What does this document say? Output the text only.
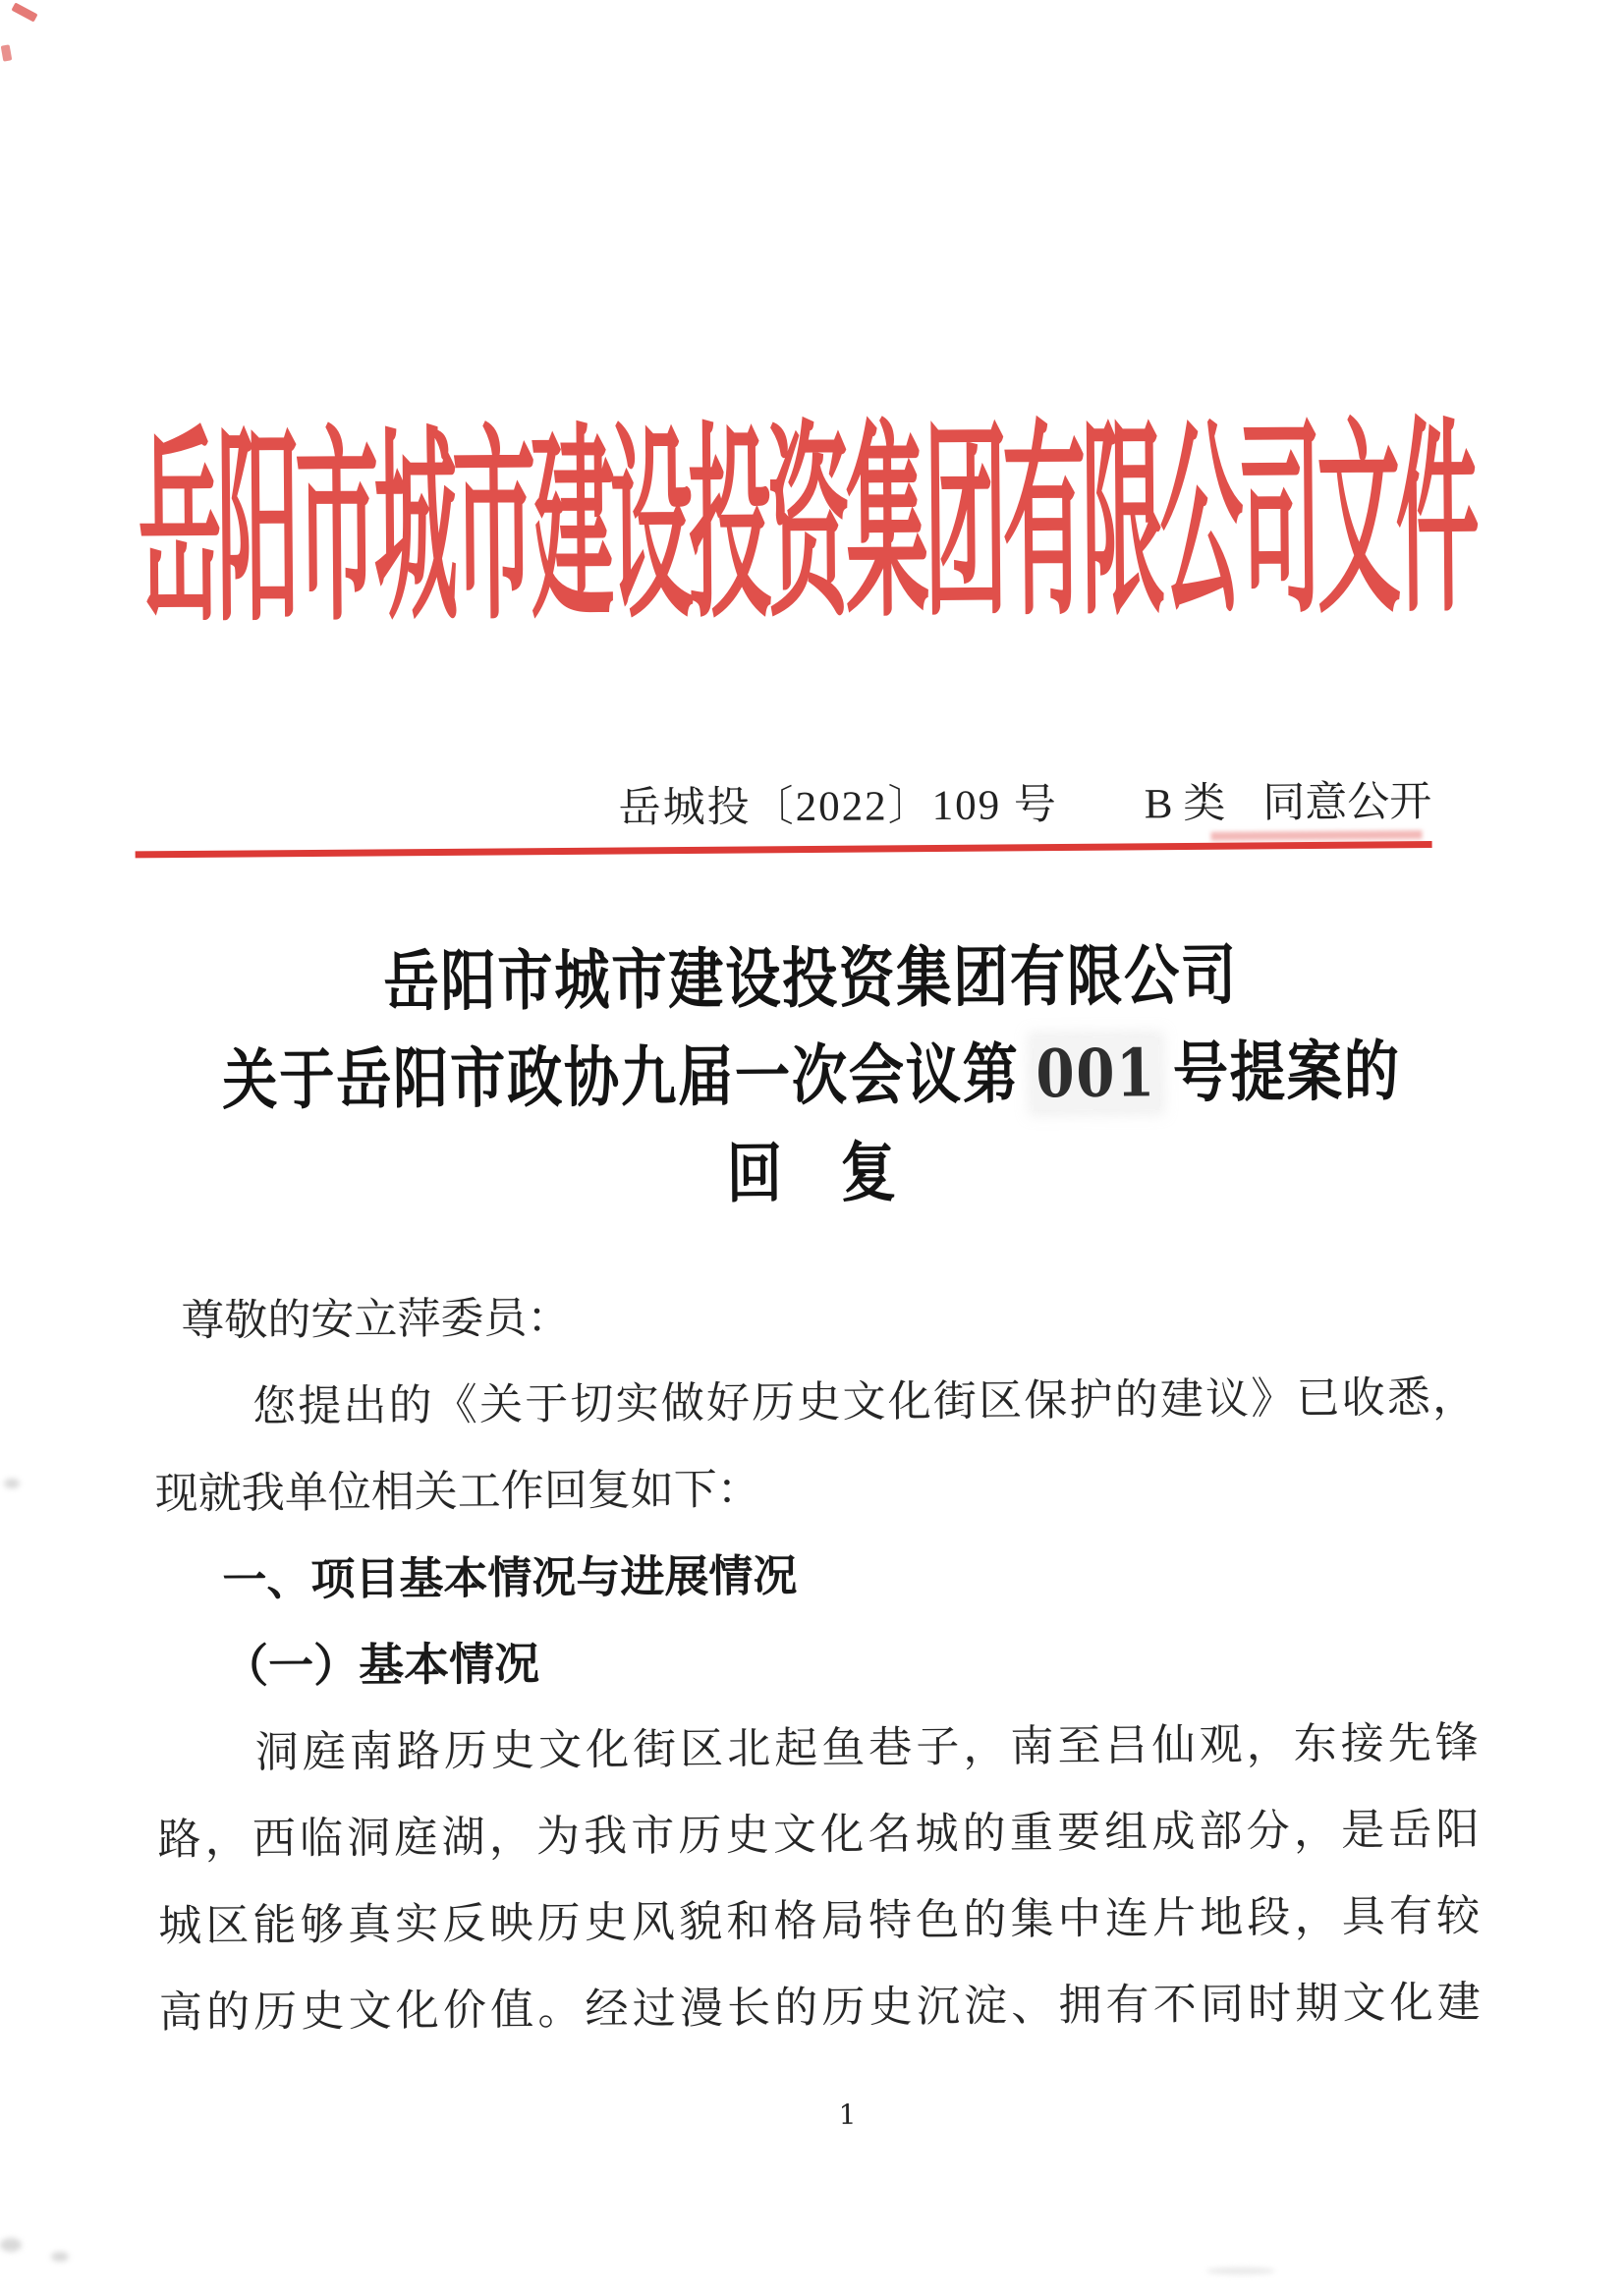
岳
阳
市
城
市
建
设
投
资
集
团
有
限
公
司
文
件
岳城投〔2022〕109 号 B 类 同意公开
岳阳市城市建设投资集团有限公司
关于岳阳市政协九届一次会议第 001 号提案的
回　复
尊敬的安立萍委员：
您提出的《关于切实做好历史文化街区保护的建议》已收悉，
现就我单位相关工作回复如下：
一、项目基本情况与进展情况
（一）基本情况
洞庭南路历史文化街区北起鱼巷子，南至吕仙观，东接先锋
路，西临洞庭湖，为我市历史文化名城的重要组成部分，是岳阳
城区能够真实反映历史风貌和格局特色的集中连片地段，具有较
高的历史文化价值。经过漫长的历史沉淀、拥有不同时期文化建
1
